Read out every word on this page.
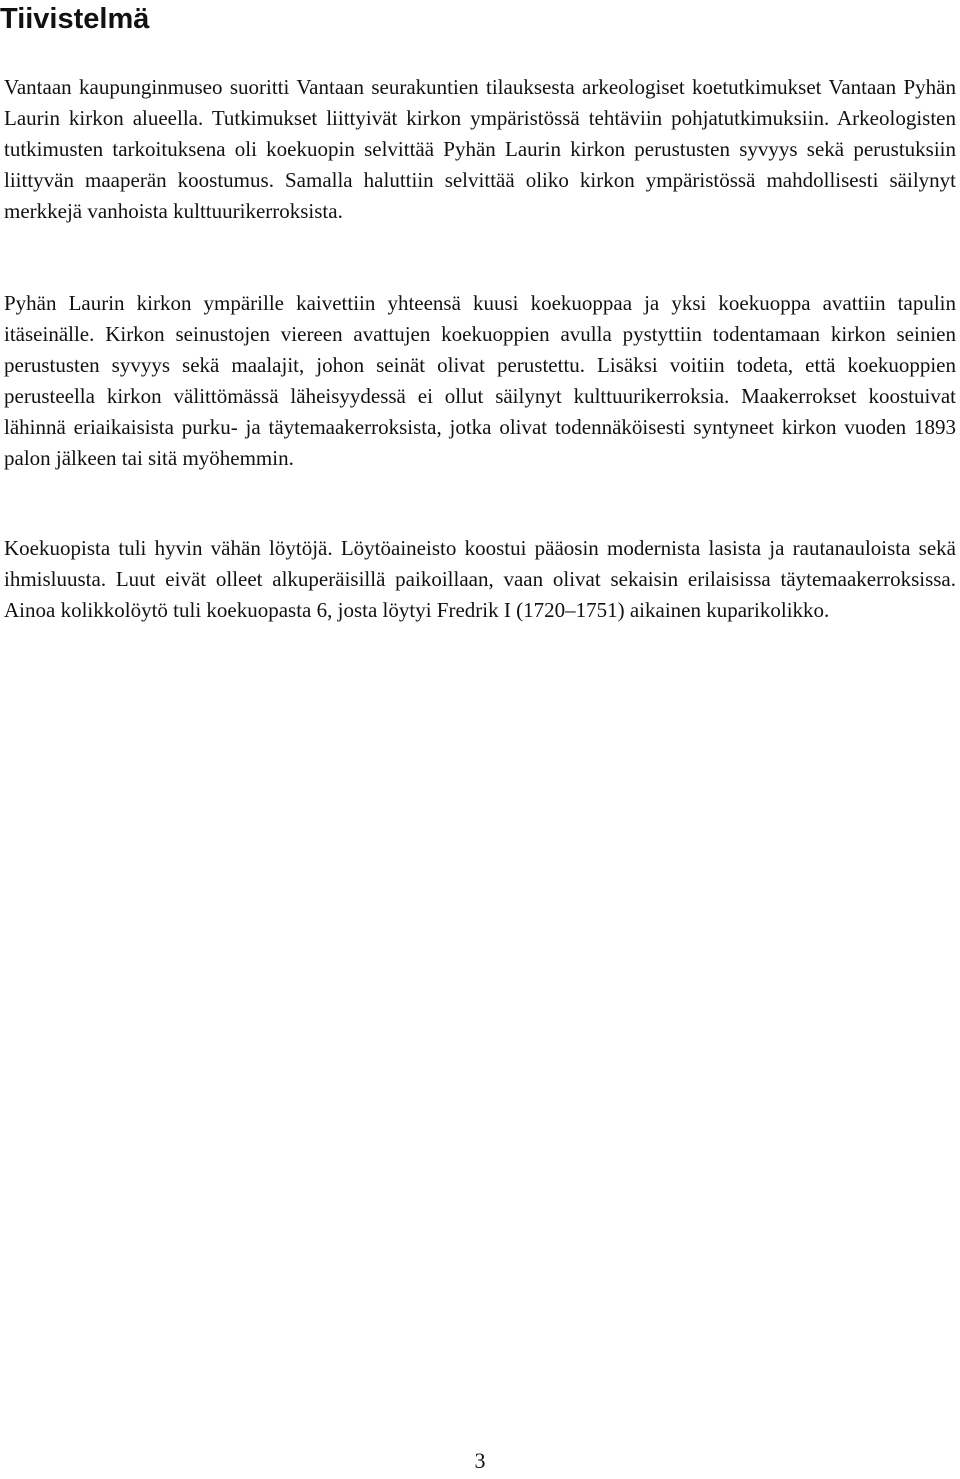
Tiivistelmä

Vantaan kaupunginmuseo suoritti Vantaan seurakuntien tilauksesta arkeologiset koetutkimukset Vantaan Pyhän Laurin kirkon alueella. Tutkimukset liittyivät kirkon ympäristössä tehtäviin pohjatutkimuksiin. Arkeologisten tutkimusten tarkoituksena oli koekuopin selvittää Pyhän Laurin kirkon perustusten syvyys sekä perustuksiin liittyvän maaperän koostumus. Samalla haluttiin selvittää oliko kirkon ympäristössä mahdollisesti säilynyt merkkejä vanhoista kulttuurikerroksista.

Pyhän Laurin kirkon ympärille kaivettiin yhteensä kuusi koekuoppaa ja yksi koekuoppa avattiin tapulin itäseinälle. Kirkon seinustojen viereen avattujen koekuoppien avulla pystyttiin todentamaan kirkon seinien perustusten syvyys sekä maalajit, johon seinät olivat perustettu. Lisäksi voitiin todeta, että koekuoppien perusteella kirkon välittömässä läheisyydessä ei ollut säilynyt kulttuurikerroksia. Maakerrokset koostuivat lähinnä eriaikaisista purku- ja täytemaakerroksista, jotka olivat todennäköisesti syntyneet kirkon vuoden 1893 palon jälkeen tai sitä myöhemmin.

Koekuopista tuli hyvin vähän löytöjä. Löytöaineisto koostui pääosin modernista lasista ja rautanauloista sekä ihmisluusta. Luut eivät olleet alkuperäisillä paikoillaan, vaan olivat sekaisin erilaisissa täytemaakerroksissa. Ainoa kolikkolöytö tuli koekuopasta 6, josta löytyi Fredrik I (1720–1751) aikainen kuparikolikko.

3
